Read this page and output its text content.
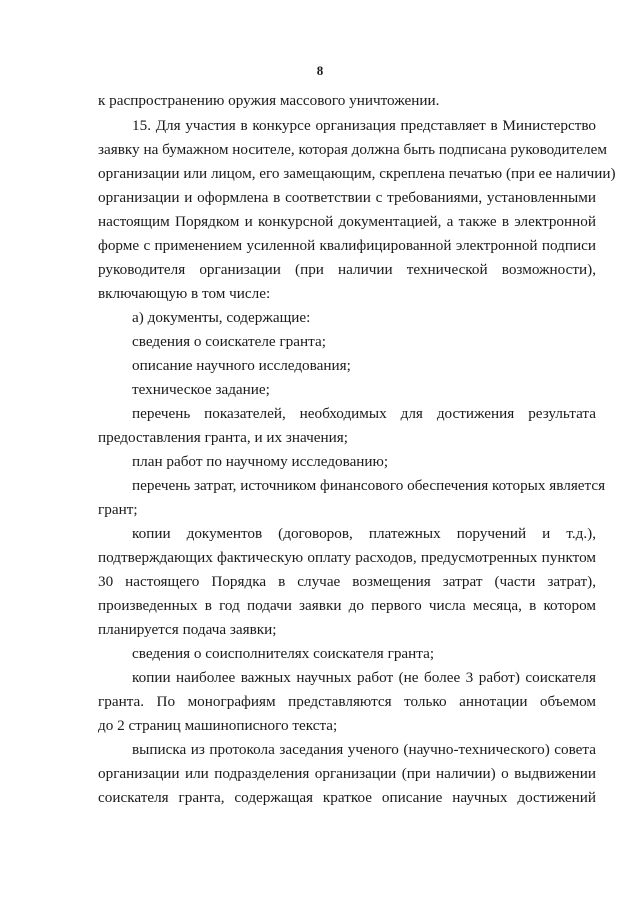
8
к распространению оружия массового уничтожении.
15. Для участия в конкурсе организация представляет в Министерство
заявку на бумажном носителе, которая должна быть подписана руководителем
организации или лицом, его замещающим, скреплена печатью (при ее наличии)
организации и оформлена в соответствии с требованиями, установленными
настоящим Порядком и конкурсной документацией, а также в электронной
форме с применением усиленной квалифицированной электронной подписи
руководителя организации (при наличии технической возможности),
включающую в том числе:
а) документы, содержащие:
сведения о соискателе гранта;
описание научного исследования;
техническое задание;
перечень показателей, необходимых для достижения результата
предоставления гранта, и их значения;
план работ по научному исследованию;
перечень затрат, источником финансового обеспечения которых является
грант;
копии документов (договоров, платежных поручений и т.д.),
подтверждающих фактическую оплату расходов, предусмотренных пунктом
30 настоящего Порядка в случае возмещения затрат (части затрат),
произведенных в год подачи заявки до первого числа месяца, в котором
планируется подача заявки;
сведения о соисполнителях соискателя гранта;
копии наиболее важных научных работ (не более 3 работ) соискателя
гранта. По монографиям представляются только аннотации объемом
до 2 страниц машинописного текста;
выписка из протокола заседания ученого (научно-технического) совета
организации или подразделения организации (при наличии) о выдвижении
соискателя гранта, содержащая краткое описание научных достижений
